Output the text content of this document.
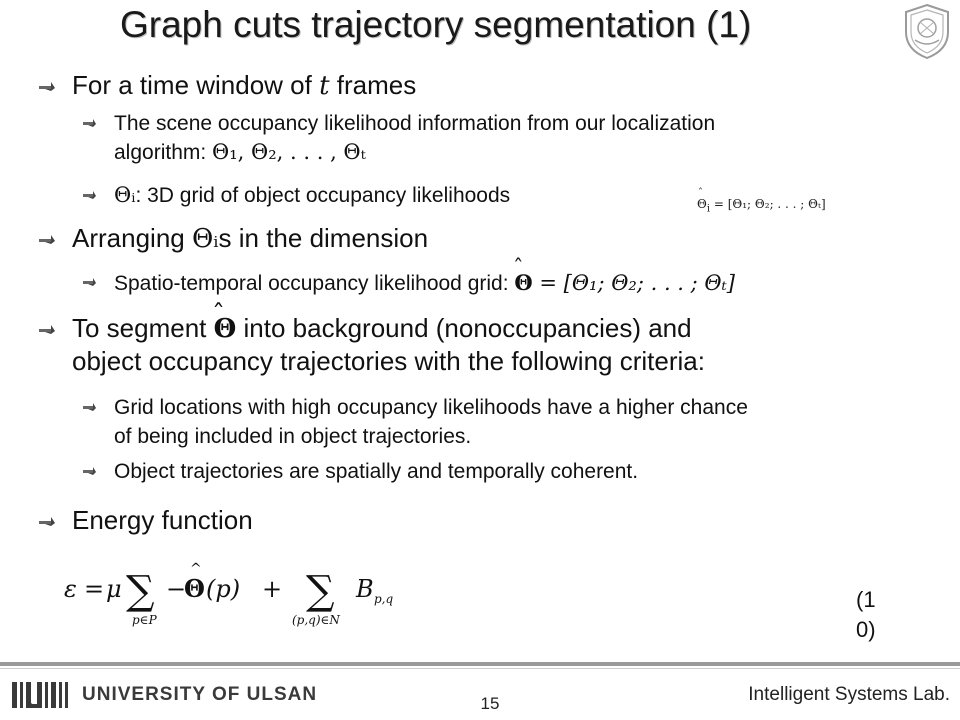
Graph cuts trajectory segmentation (1)
For a time window of t frames
The scene occupancy likelihood information from our localization
algorithm: Θ₁, Θ₂, . . . , Θₜ
Θᵢ: 3D grid of object occupancy likelihoods
ˆ	$\Theta_i = [\Theta_1$; Θ₂; . . . ; Θₜ]
Arranging Θᵢs in the dimension
Spatio-temporal occupancy likelihood grid: ̂ Θ = [Θ₁; Θ₂; . . . ; Θₜ]
To segment ̂ Θ into background (nonoccupancies) and
object occupancy trajectories with the following criteria:
Grid locations with high occupancy likelihoods have a higher chance
of being included in object trajectories.
Object trajectories are spatially and temporally coherent.
Energy function
ε = μ ∑
p∈P
−
Θ
^
(p) + ∑
(p,q)∈N
B p,q	(10)
UNIVERSITY OF ULSAN	15	Intelligent Systems Lab.
